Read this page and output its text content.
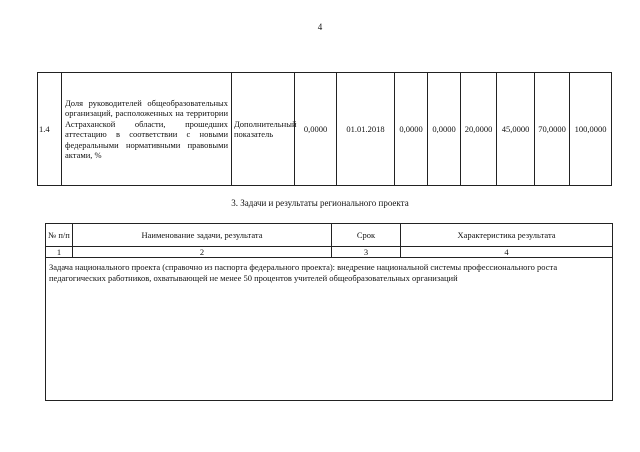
4
1.4	Доля руководителей общеобразовательных организаций, расположенных на территории Астраханской области, прошедших аттестацию в соответствии с новыми федеральными нормативными правовыми актами, %	Дополнительный показатель	0,0000	01.01.2018	0,0000	0,0000	20,0000	45,0000	70,0000	100,0000
3. Задачи и результаты регионального проекта
№ п/п	Наименование задачи, результата	Срок	Характеристика результата
1	2	3	4
Задача национального проекта (справочно из паспорта федерального проекта): внедрение национальной системы профессионального роста педагогических работников, охватывающей не менее 50 процентов учителей общеобразовательных организаций			
